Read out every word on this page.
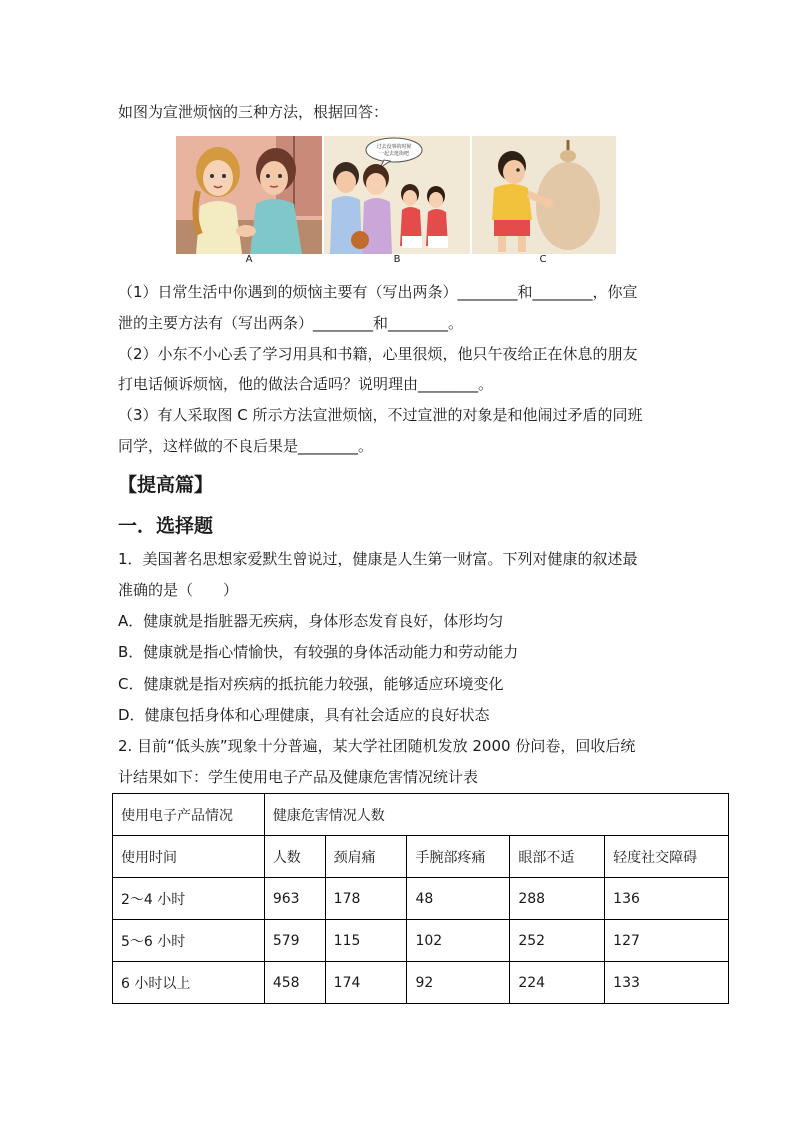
如图为宣泄烦恼的三种方法，根据回答：
过去没事的时候
一起去逛街吧
A	B	C
（1）日常生活中你遇到的烦恼主要有（写出两条）________和________，你宣
泄的主要方法有（写出两条）________和________。
（2）小东不小心丢了学习用具和书籍，心里很烦，他只午夜给正在休息的朋友
打电话倾诉烦恼，他的做法合适吗？说明理由________。
（3）有人采取图 C 所示方法宣泄烦恼，不过宣泄的对象是和他闹过矛盾的同班
同学，这样做的不良后果是________。
【提高篇】
一．选择题
1．美国著名思想家爱默生曾说过，健康是人生第一财富。下列对健康的叙述最
准确的是（　　）
A．健康就是指脏器无疾病，身体形态发育良好，体形均匀
B．健康就是指心情愉快，有较强的身体活动能力和劳动能力
C．健康就是指对疾病的抵抗能力较强，能够适应环境变化
D．健康包括身体和心理健康，具有社会适应的良好状态
2. 目前“低头族”现象十分普遍，某大学社团随机发放 2000 份问卷，回收后统
计结果如下：学生使用电子产品及健康危害情况统计表
使用电子产品情况	健康危害情况人数				
使用时间	人数	颈肩痛	手腕部疼痛	眼部不适	轻度社交障碍
2～4 小时	963	178	48	288	136
5～6 小时	579	115	102	252	127
6 小时以上	458	174	92	224	133
